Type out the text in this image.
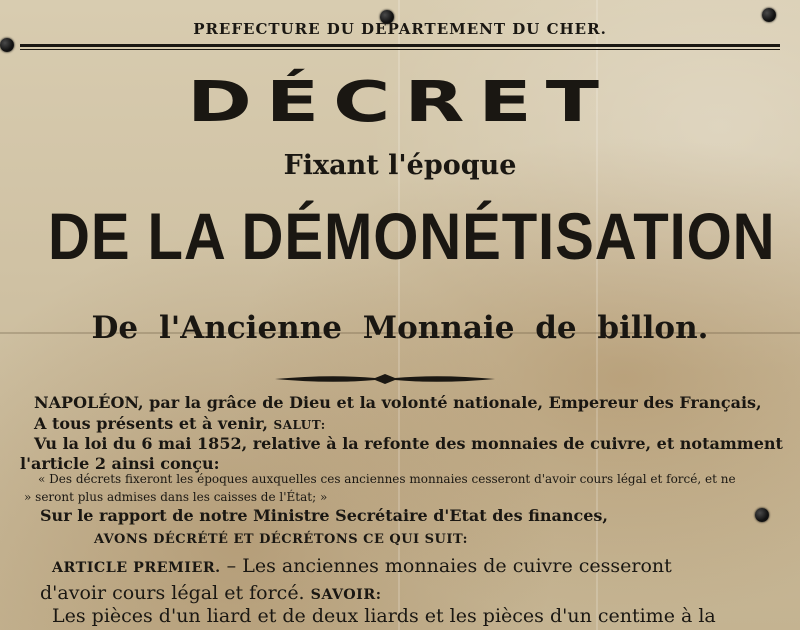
PREFECTURE DU DEPARTEMENT DU CHER.
DÉCRET
Fixant l'époque
DE LA DÉMONÉTISATION
De l'Ancienne Monnaie de billon.
NAPOLÉON, par la grâce de Dieu et la volonté nationale, Empereur des Français,
A tous présents et à venir, SALUT:
Vu la loi du 6 mai 1852, relative à la refonte des monnaies de cuivre, et notamment
l'article 2 ainsi conçu:
« Des décrets fixeront les époques auxquelles ces anciennes monnaies cesseront d'avoir cours légal et forcé, et ne
» seront plus admises dans les caisses de l'État; »
Sur le rapport de notre Ministre Secrétaire d'Etat des finances,
AVONS DÉCRÉTÉ ET DÉCRÉTONS CE QUI SUIT:
ARTICLE PREMIER. – Les anciennes monnaies de cuivre cesseront
d'avoir cours légal et forcé. SAVOIR:
Les pièces d'un liard et de deux liards et les pièces d'un centime à la
